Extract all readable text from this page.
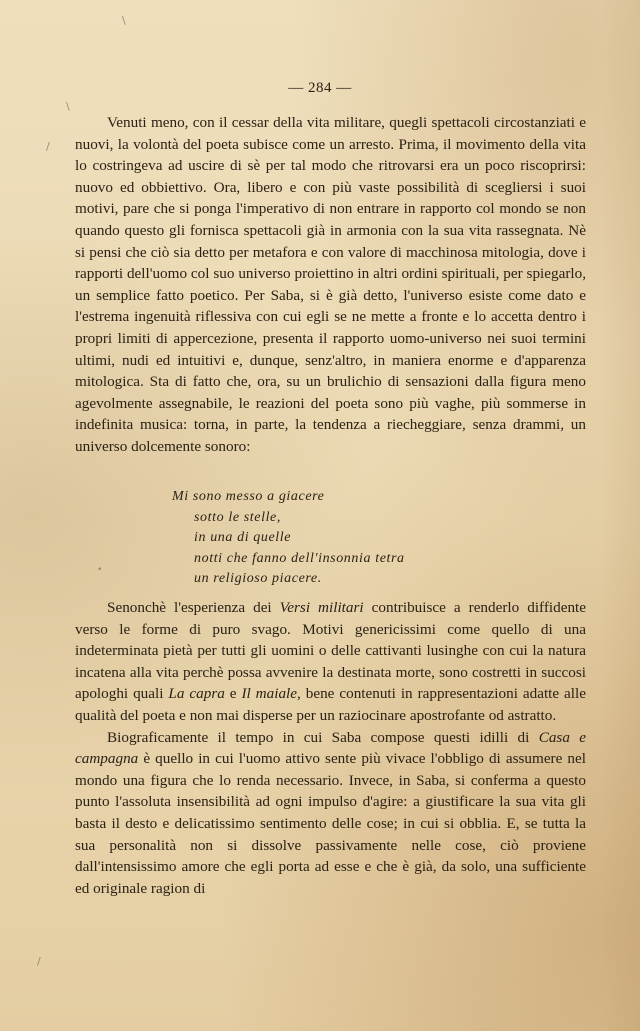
\
\
/
/
•
— 284 —

Venuti meno, con il cessar della vita militare, quegli spettacoli circostanziati e nuovi, la volontà del poeta subisce come un arresto. Prima, il movimento della vita lo costringeva ad uscire di sè per tal modo che ritrovarsi era un poco riscoprirsi: nuovo ed obbiettivo. Ora, libero e con più vaste possibilità di scegliersi i suoi motivi, pare che si ponga l'imperativo di non entrare in rapporto col mondo se non quando questo gli fornisca spettacoli già in armonia con la sua vita rassegnata. Nè si pensi che ciò sia detto per metafora e con valore di macchinosa mitologia, dove i rapporti dell'uomo col suo universo proiettino in altri ordini spirituali, per spiegarlo, un semplice fatto poetico. Per Saba, si è già detto, l'universo esiste come dato e l'estrema ingenuità riflessiva con cui egli se ne mette a fronte e lo accetta dentro i propri limiti di appercezione, presenta il rapporto uomo-universo nei suoi termini ultimi, nudi ed intuitivi e, dunque, senz'altro, in maniera enorme e d'apparenza mitologica. Sta di fatto che, ora, su un brulichio di sensazioni dalla figura meno agevolmente assegnabile, le reazioni del poeta sono più vaghe, più sommerse in indefinita musica: torna, in parte, la tendenza a riecheggiare, senza drammi, un universo dolcemente sonoro:

Mi sono messo a giacere
sotto le stelle,
in una di quelle
notti che fanno dell'insonnia tetra
un religioso piacere.

Senonchè l'esperienza dei Versi militari contribuisce a renderlo diffidente verso le forme di puro svago. Motivi genericissimi come quello di una indeterminata pietà per tutti gli uomini o delle cattivanti lusinghe con cui la natura incatena alla vita perchè possa avvenire la destinata morte, sono costretti in succosi apologhi quali La capra e Il maiale, bene contenuti in rappresentazioni adatte alle qualità del poeta e non mai disperse per un raziocinare apostrofante od astratto.

Biograficamente il tempo in cui Saba compose questi idilli di Casa e campagna è quello in cui l'uomo attivo sente più vivace l'obbligo di assumere nel mondo una figura che lo renda necessario. Invece, in Saba, si conferma a questo punto l'assoluta insensibilità ad ogni impulso d'agire: a giustificare la sua vita gli basta il desto e delicatissimo sentimento delle cose; in cui si obblia. E, se tutta la sua personalità non si dissolve passivamente nelle cose, ciò proviene dall'intensissimo amore che egli porta ad esse e che è già, da solo, una sufficiente ed originale ragion di
